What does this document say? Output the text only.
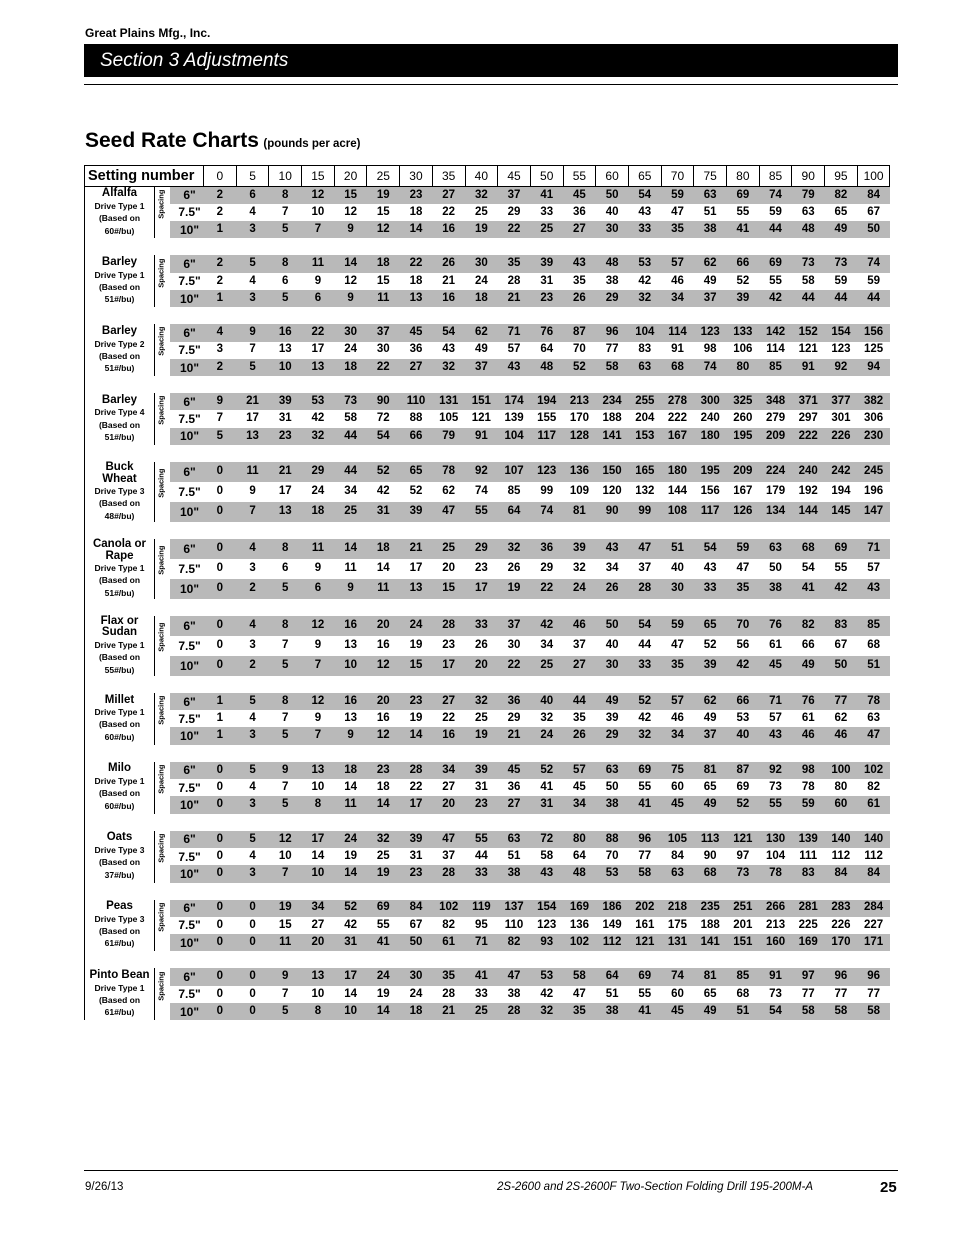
Great Plains Mfg., Inc.
Section 3 Adjustments
Seed Rate Charts (pounds per acre)
Setting number			0	5	10	15	20	25	30	35	40	45	50	55	60	65	70	75	80	85	90	95	100

Alfalfa
Drive Type 1
(Based on
60#/bu)	Spacing	6"	2	6	8	12	15	19	23	27	32	37	41	45	50	54	59	63	69	74	79	82	84
		7.5"	2	4	7	10	12	15	18	22	25	29	33	36	40	43	47	51	55	59	63	65	67
		10"	1	3	5	7	9	12	14	16	19	22	25	27	30	33	35	38	41	44	48	49	50

Barley
Drive Type 1
(Based on
51#/bu)	Spacing	6"	2	5	8	11	14	18	22	26	30	35	39	43	48	53	57	62	66	69	73	73	74
		7.5"	2	4	6	9	12	15	18	21	24	28	31	35	38	42	46	49	52	55	58	59	59
		10"	1	3	5	6	9	11	13	16	18	21	23	26	29	32	34	37	39	42	44	44	44

Barley
Drive Type 2
(Based on
51#/bu)	Spacing	6"	4	9	16	22	30	37	45	54	62	71	76	87	96	104	114	123	133	142	152	154	156
		7.5"	3	7	13	17	24	30	36	43	49	57	64	70	77	83	91	98	106	114	121	123	125
		10"	2	5	10	13	18	22	27	32	37	43	48	52	58	63	68	74	80	85	91	92	94

Barley
Drive Type 4
(Based on
51#/bu)	Spacing	6"	9	21	39	53	73	90	110	131	151	174	194	213	234	255	278	300	325	348	371	377	382
		7.5"	7	17	31	42	58	72	88	105	121	139	155	170	188	204	222	240	260	279	297	301	306
		10"	5	13	23	32	44	54	66	79	91	104	117	128	141	153	167	180	195	209	222	226	230

Buck Wheat
Drive Type 3
(Based on
48#/bu)	Spacing	6"	0	11	21	29	44	52	65	78	92	107	123	136	150	165	180	195	209	224	240	242	245
		7.5"	0	9	17	24	34	42	52	62	74	85	99	109	120	132	144	156	167	179	192	194	196
		10"	0	7	13	18	25	31	39	47	55	64	74	81	90	99	108	117	126	134	144	145	147

Canola or Rape
Drive Type 1
(Based on
51#/bu)	Spacing	6"	0	4	8	11	14	18	21	25	29	32	36	39	43	47	51	54	59	63	68	69	71
		7.5"	0	3	6	9	11	14	17	20	23	26	29	32	34	37	40	43	47	50	54	55	57
		10"	0	2	5	6	9	11	13	15	17	19	22	24	26	28	30	33	35	38	41	42	43

Flax or Sudan
Drive Type 1
(Based on
55#/bu)	Spacing	6"	0	4	8	12	16	20	24	28	33	37	42	46	50	54	59	65	70	76	82	83	85
		7.5"	0	3	7	9	13	16	19	23	26	30	34	37	40	44	47	52	56	61	66	67	68
		10"	0	2	5	7	10	12	15	17	20	22	25	27	30	33	35	39	42	45	49	50	51

Millet
Drive Type 1
(Based on
60#/bu)	Spacing	6"	1	5	8	12	16	20	23	27	32	36	40	44	49	52	57	62	66	71	76	77	78
		7.5"	1	4	7	9	13	16	19	22	25	29	32	35	39	42	46	49	53	57	61	62	63
		10"	1	3	5	7	9	12	14	16	19	21	24	26	29	32	34	37	40	43	46	46	47

Milo
Drive Type 1
(Based on
60#/bu)	Spacing	6"	0	5	9	13	18	23	28	34	39	45	52	57	63	69	75	81	87	92	98	100	102
		7.5"	0	4	7	10	14	18	22	27	31	36	41	45	50	55	60	65	69	73	78	80	82
		10"	0	3	5	8	11	14	17	20	23	27	31	34	38	41	45	49	52	55	59	60	61

Oats
Drive Type 3
(Based on
37#/bu)	Spacing	6"	0	5	12	17	24	32	39	47	55	63	72	80	88	96	105	113	121	130	139	140	140
		7.5"	0	4	10	14	19	25	31	37	44	51	58	64	70	77	84	90	97	104	111	112	112
		10"	0	3	7	10	14	19	23	28	33	38	43	48	53	58	63	68	73	78	83	84	84

Peas
Drive Type 3
(Based on
61#/bu)	Spacing	6"	0	0	19	34	52	69	84	102	119	137	154	169	186	202	218	235	251	266	281	283	284
		7.5"	0	0	15	27	42	55	67	82	95	110	123	136	149	161	175	188	201	213	225	226	227
		10"	0	0	11	20	31	41	50	61	71	82	93	102	112	121	131	141	151	160	169	170	171

Pinto Bean
Drive Type 1
(Based on
61#/bu)	Spacing	6"	0	0	9	13	17	24	30	35	41	47	53	58	64	69	74	81	85	91	97	96	96
		7.5"	0	0	7	10	14	19	24	28	33	38	42	47	51	55	60	65	68	73	77	77	77
		10"	0	0	5	8	10	14	18	21	25	28	32	35	38	41	45	49	51	54	58	58	58
9/26/13	2S-2600 and 2S-2600F Two-Section Folding Drill 195-200M-A	25
